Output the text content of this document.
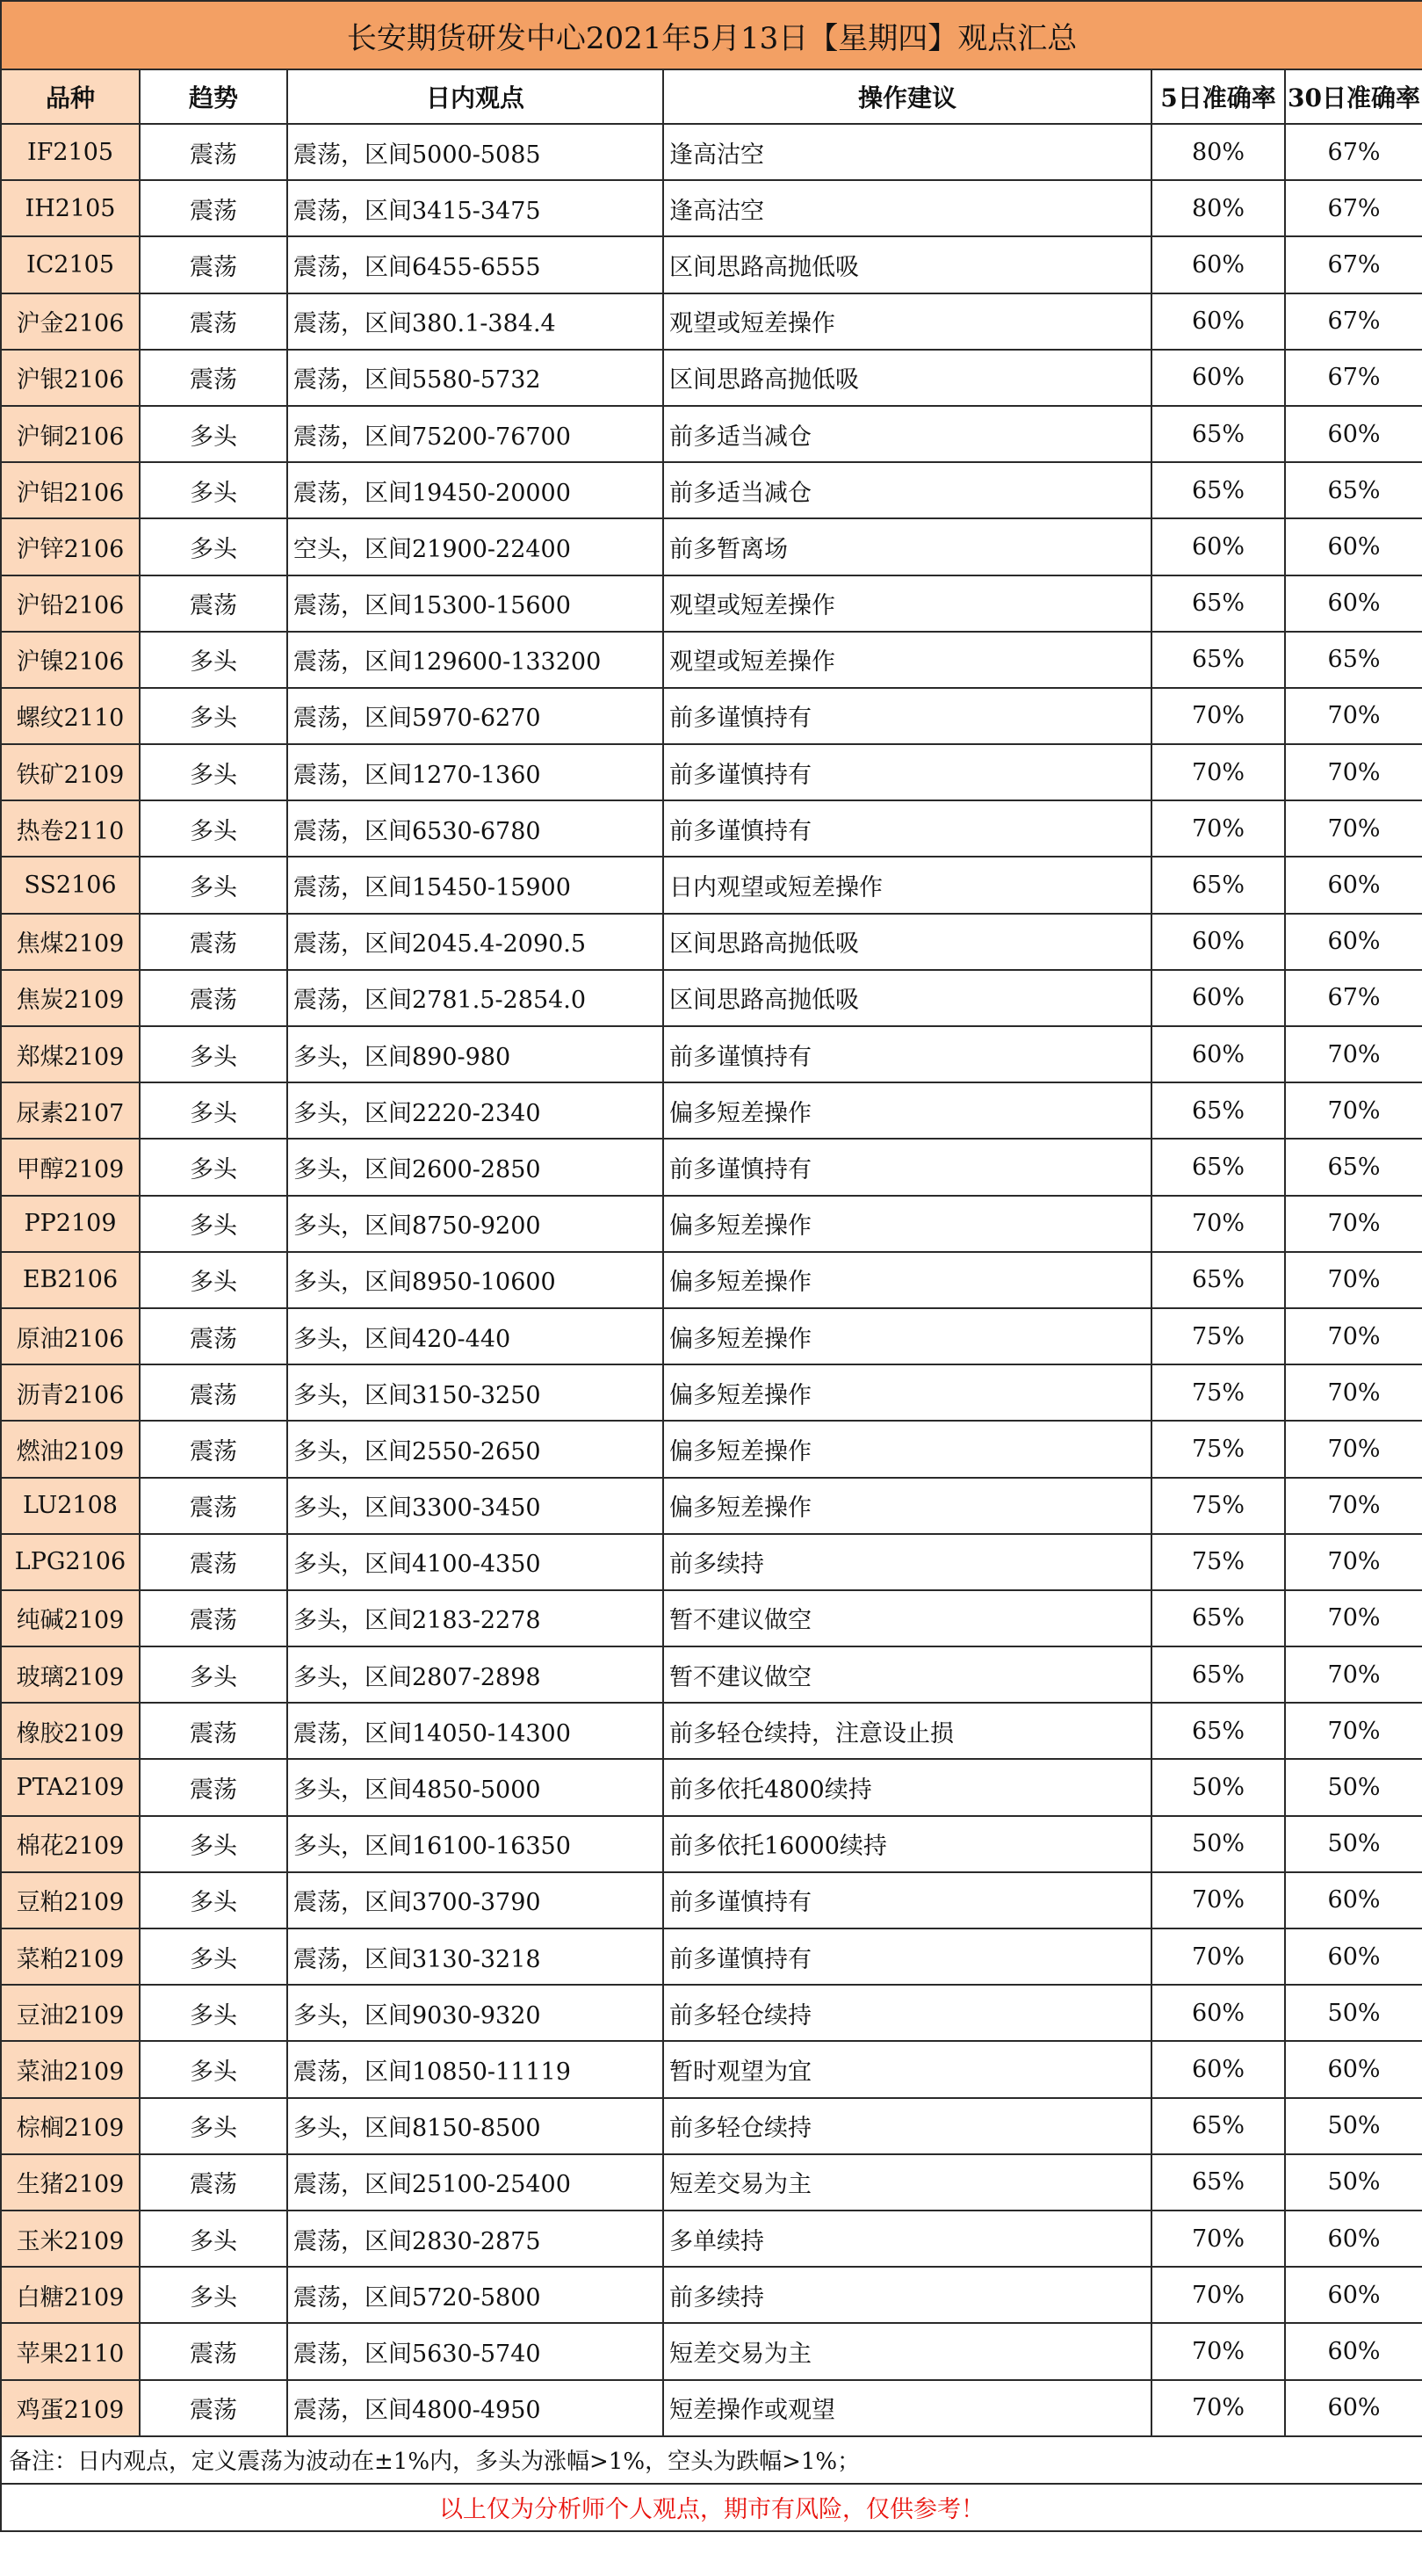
长安期货研发中心2021年5月13日【星期四】观点汇总					
品种	趋势	日内观点	操作建议	5日准确率	30日准确率
IF2105	震荡	震荡，区间5000-5085	逢高沽空	80%	67%
IH2105	震荡	震荡，区间3415-3475	逢高沽空	80%	67%
IC2105	震荡	震荡，区间6455-6555	区间思路高抛低吸	60%	67%
沪金2106	震荡	震荡，区间380.1-384.4	观望或短差操作	60%	67%
沪银2106	震荡	震荡，区间5580-5732	区间思路高抛低吸	60%	67%
沪铜2106	多头	震荡，区间75200-76700	前多适当减仓	65%	60%
沪铝2106	多头	震荡，区间19450-20000	前多适当减仓	65%	65%
沪锌2106	多头	空头，区间21900-22400	前多暂离场	60%	60%
沪铅2106	震荡	震荡，区间15300-15600	观望或短差操作	65%	60%
沪镍2106	多头	震荡，区间129600-133200	观望或短差操作	65%	65%
螺纹2110	多头	震荡，区间5970-6270	前多谨慎持有	70%	70%
铁矿2109	多头	震荡，区间1270-1360	前多谨慎持有	70%	70%
热卷2110	多头	震荡，区间6530-6780	前多谨慎持有	70%	70%
SS2106	多头	震荡，区间15450-15900	日内观望或短差操作	65%	60%
焦煤2109	震荡	震荡，区间2045.4-2090.5	区间思路高抛低吸	60%	60%
焦炭2109	震荡	震荡，区间2781.5-2854.0	区间思路高抛低吸	60%	67%
郑煤2109	多头	多头，区间890-980	前多谨慎持有	60%	70%
尿素2107	多头	多头，区间2220-2340	偏多短差操作	65%	70%
甲醇2109	多头	多头，区间2600-2850	前多谨慎持有	65%	65%
PP2109	多头	多头，区间8750-9200	偏多短差操作	70%	70%
EB2106	多头	多头，区间8950-10600	偏多短差操作	65%	70%
原油2106	震荡	多头，区间420-440	偏多短差操作	75%	70%
沥青2106	震荡	多头，区间3150-3250	偏多短差操作	75%	70%
燃油2109	震荡	多头，区间2550-2650	偏多短差操作	75%	70%
LU2108	震荡	多头，区间3300-3450	偏多短差操作	75%	70%
LPG2106	震荡	多头，区间4100-4350	前多续持	75%	70%
纯碱2109	震荡	多头，区间2183-2278	暂不建议做空	65%	70%
玻璃2109	多头	多头，区间2807-2898	暂不建议做空	65%	70%
橡胶2109	震荡	震荡，区间14050-14300	前多轻仓续持，注意设止损	65%	70%
PTA2109	震荡	多头，区间4850-5000	前多依托4800续持	50%	50%
棉花2109	多头	多头，区间16100-16350	前多依托16000续持	50%	50%
豆粕2109	多头	震荡，区间3700-3790	前多谨慎持有	70%	60%
菜粕2109	多头	震荡，区间3130-3218	前多谨慎持有	70%	60%
豆油2109	多头	多头，区间9030-9320	前多轻仓续持	60%	50%
菜油2109	多头	震荡，区间10850-11119	暂时观望为宜	60%	60%
棕榈2109	多头	多头，区间8150-8500	前多轻仓续持	65%	50%
生猪2109	震荡	震荡，区间25100-25400	短差交易为主	65%	50%
玉米2109	多头	震荡，区间2830-2875	多单续持	70%	60%
白糖2109	多头	震荡，区间5720-5800	前多续持	70%	60%
苹果2110	震荡	震荡，区间5630-5740	短差交易为主	70%	60%
鸡蛋2109	震荡	震荡，区间4800-4950	短差操作或观望	70%	60%
备注：日内观点，定义震荡为波动在±1%内，多头为涨幅>1%，空头为跌幅>1%；					
以上仅为分析师个人观点，期市有风险，仅供参考！					
